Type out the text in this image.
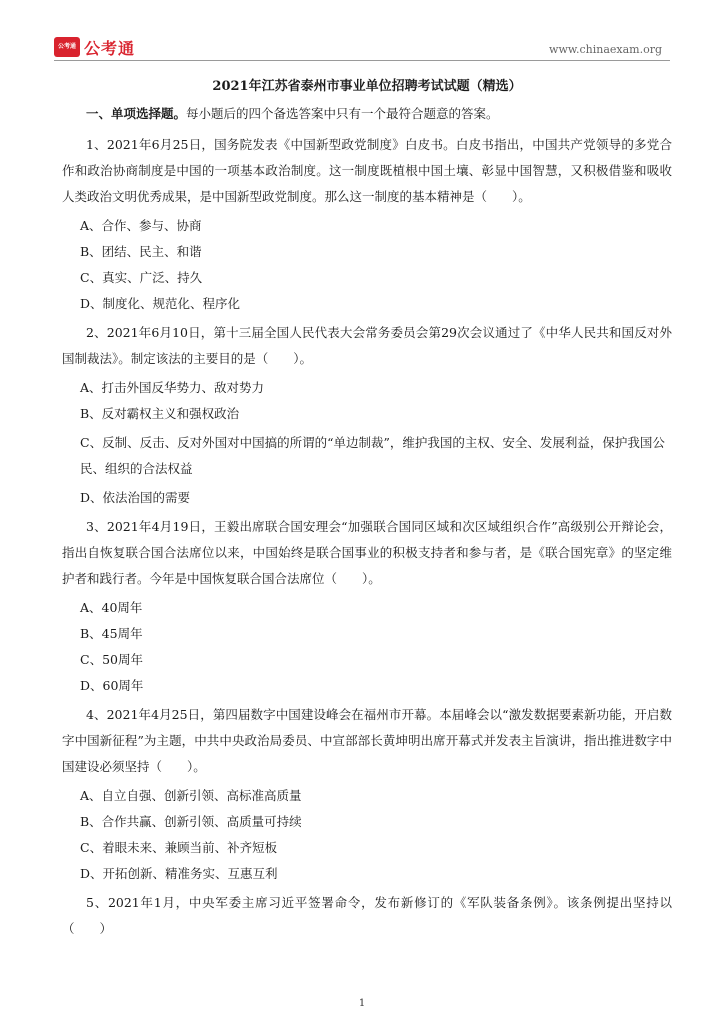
公考通 公考通	www.chinaexam.org
2021年江苏省泰州市事业单位招聘考试试题（精选）

一、单项选择题。每小题后的四个备选答案中只有一个最符合题意的答案。

1、2021年6月25日，国务院发表《中国新型政党制度》白皮书。白皮书指出，中国共产党领导的多党合作和政治协商制度是中国的一项基本政治制度。这一制度既植根中国土壤、彰显中国智慧，又积极借鉴和吸收人类政治文明优秀成果，是中国新型政党制度。那么这一制度的基本精神是（　　）。

A、合作、参与、协商

B、团结、民主、和谐

C、真实、广泛、持久

D、制度化、规范化、程序化

2、2021年6月10日，第十三届全国人民代表大会常务委员会第29次会议通过了《中华人民共和国反对外国制裁法》。制定该法的主要目的是（　　）。

A、打击外国反华势力、敌对势力

B、反对霸权主义和强权政治

C、反制、反击、反对外国对中国搞的所谓的“单边制裁”，维护我国的主权、安全、发展利益，保护我国公民、组织的合法权益

D、依法治国的需要

3、2021年4月19日，王毅出席联合国安理会“加强联合国同区域和次区域组织合作”高级别公开辩论会，指出自恢复联合国合法席位以来，中国始终是联合国事业的积极支持者和参与者，是《联合国宪章》的坚定维护者和践行者。今年是中国恢复联合国合法席位（　　）。

A、40周年

B、45周年

C、50周年

D、60周年

4、2021年4月25日，第四届数字中国建设峰会在福州市开幕。本届峰会以“激发数据要素新功能，开启数字中国新征程”为主题，中共中央政治局委员、中宣部部长黄坤明出席开幕式并发表主旨演讲，指出推进数字中国建设必须坚持（　　）。

A、自立自强、创新引领、高标准高质量

B、合作共赢、创新引领、高质量可持续

C、着眼未来、兼顾当前、补齐短板

D、开拓创新、精准务实、互惠互利

5、2021年1月，中央军委主席习近平签署命令，发布新修订的《军队装备条例》。该条例提出坚持以（　　）

1
